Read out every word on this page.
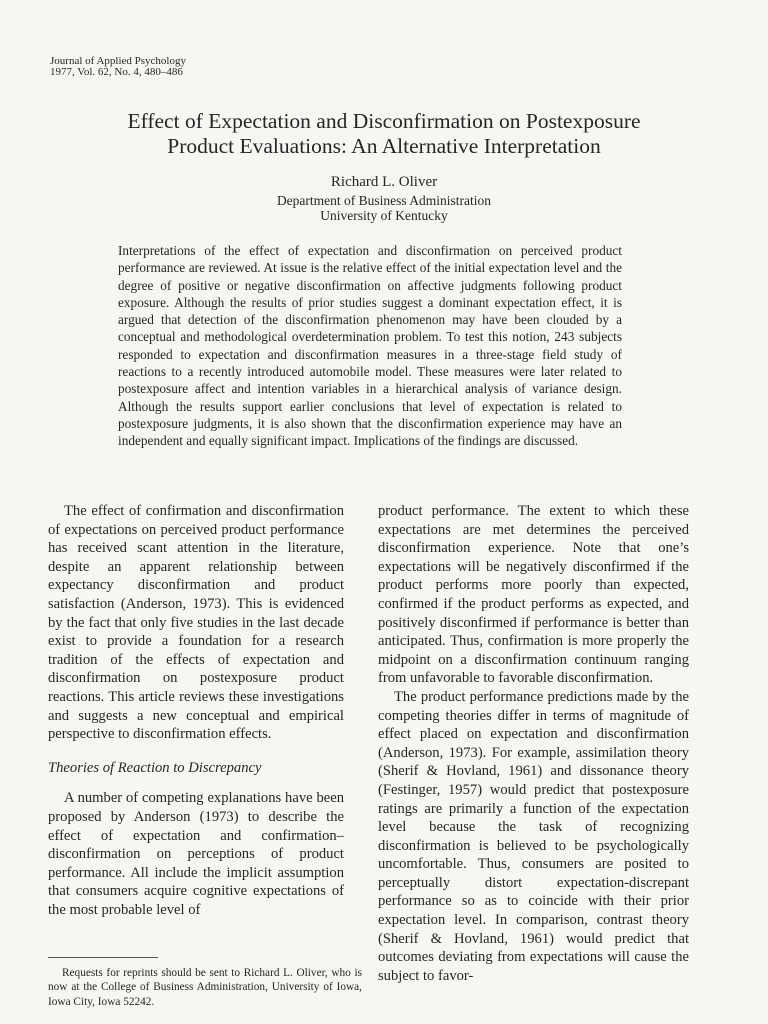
Journal of Applied Psychology
1977, Vol. 62, No. 4, 480–486
Effect of Expectation and Disconfirmation on Postexposure
Product Evaluations: An Alternative Interpretation
Richard L. Oliver
Department of Business Administration
University of Kentucky
Interpretations of the effect of expectation and disconfirmation on perceived product performance are reviewed. At issue is the relative effect of the initial expectation level and the degree of positive or negative disconfirmation on affective judgments following product exposure. Although the results of prior studies suggest a dominant expectation effect, it is argued that detection of the disconfirmation phenomenon may have been clouded by a conceptual and methodological overdetermination problem. To test this notion, 243 subjects responded to expectation and disconfirmation measures in a three-stage field study of reactions to a recently introduced automobile model. These measures were later related to postexposure affect and intention variables in a hierarchical analysis of variance design. Although the results support earlier conclusions that level of expectation is related to postexposure judgments, it is also shown that the disconfirmation experience may have an independent and equally significant impact. Implications of the findings are discussed.

The effect of confirmation and disconfirmation of expectations on perceived product performance has received scant attention in the literature, despite an apparent relationship between expectancy disconfirmation and product satisfaction (Anderson, 1973). This is evidenced by the fact that only five studies in the last decade exist to provide a foundation for a research tradition of the effects of expectation and disconfirmation on postexposure product reactions. This article reviews these investigations and suggests a new conceptual and empirical perspective to disconfirmation effects.

Theories of Reaction to Discrepancy

A number of competing explanations have been proposed by Anderson (1973) to describe the effect of expectation and confirmation–disconfirmation on perceptions of product performance. All include the implicit assumption that consumers acquire cognitive expectations of the most probable level of

product performance. The extent to which these expectations are met determines the perceived disconfirmation experience. Note that one’s expectations will be negatively disconfirmed if the product performs more poorly than expected, confirmed if the product performs as expected, and positively disconfirmed if performance is better than anticipated. Thus, confirmation is more properly the midpoint on a disconfirmation continuum ranging from unfavorable to favorable disconfirmation.

The product performance predictions made by the competing theories differ in terms of magnitude of effect placed on expectation and disconfirmation (Anderson, 1973). For example, assimilation theory (Sherif & Hovland, 1961) and dissonance theory (Festinger, 1957) would predict that postexposure ratings are primarily a function of the expectation level because the task of recognizing disconfirmation is believed to be psychologically uncomfortable. Thus, consumers are posited to perceptually distort expectation-discrepant performance so as to coincide with their prior expectation level. In comparison, contrast theory (Sherif & Hovland, 1961) would predict that outcomes deviating from expectations will cause the subject to favor-

Requests for reprints should be sent to Richard L. Oliver, who is now at the College of Business Administration, University of Iowa, Iowa City, Iowa 52242.
